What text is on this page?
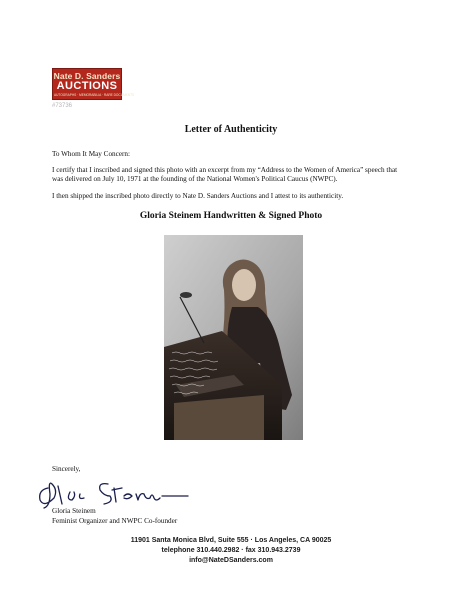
Nate D. Sanders
AUCTIONS
AUTOGRAPHS · MEMORABILIA · RARE DOCUMENTS
#73736
Letter of Authenticity
To Whom It May Concern:
I certify that I inscribed and signed this photo with an excerpt from my “Address to the Women of America” speech that was delivered on July 10, 1971 at the founding of the National Women's Political Caucus (NWPC).
I then shipped the inscribed photo directly to Nate D. Sanders Auctions and I attest to its authenticity.
Gloria Steinem Handwritten & Signed Photo
Sincerely,
Gloria Steinem
Feminist Organizer and NWPC Co-founder
11901 Santa Monica Blvd, Suite 555 · Los Angeles, CA 90025
telephone 310.440.2982 · fax 310.943.2739
info@NateDSanders.com
